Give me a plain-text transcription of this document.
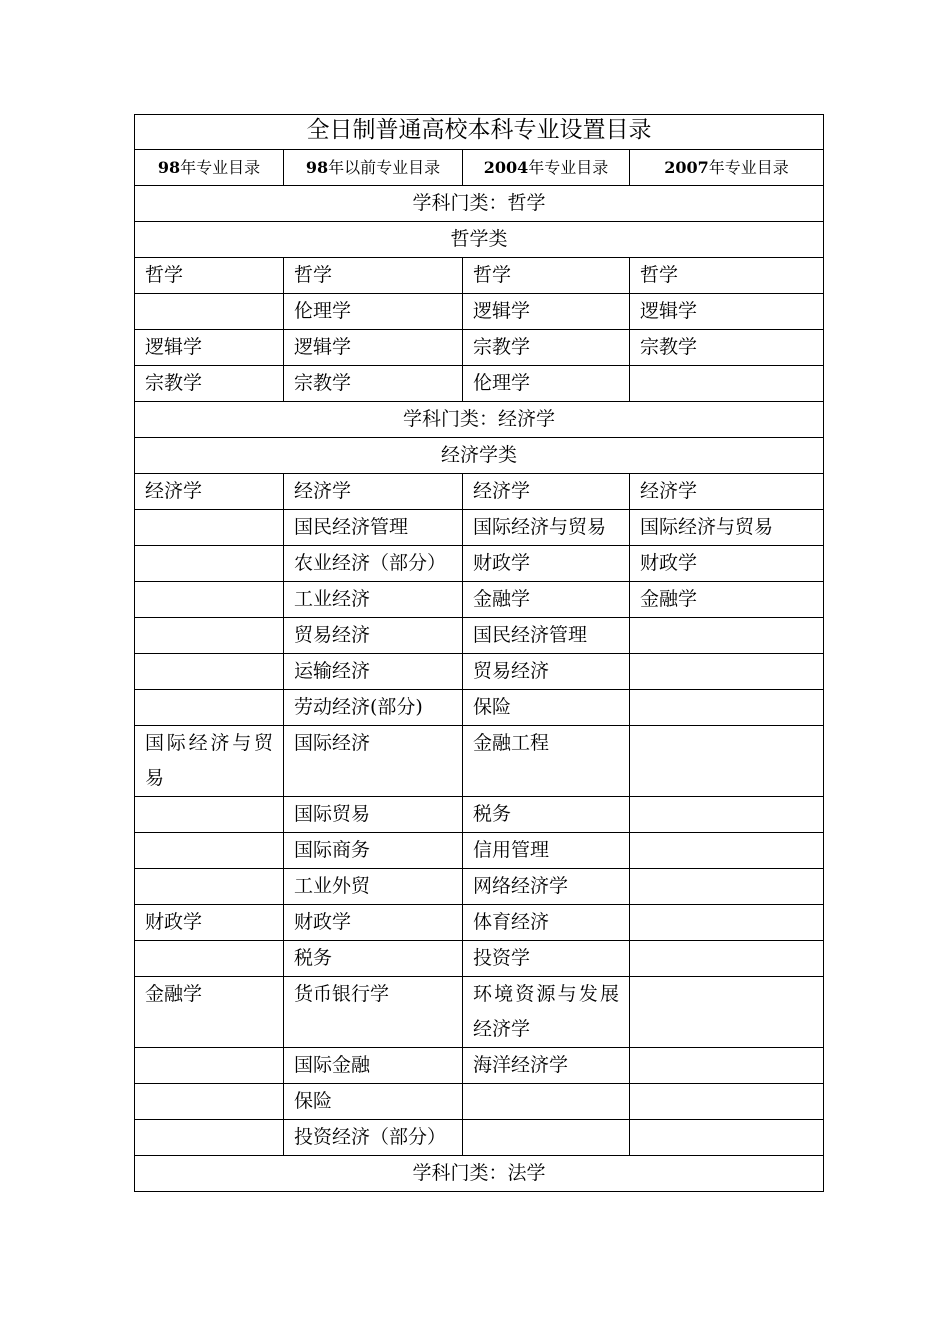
全日制普通高校本科专业设置目录			
98年专业目录	98年以前专业目录	2004年专业目录	2007年专业目录
学科门类：哲学			
哲学类			
哲学	哲学	哲学	哲学
	伦理学	逻辑学	逻辑学
逻辑学	逻辑学	宗教学	宗教学
宗教学	宗教学	伦理学	
学科门类：经济学			
经济学类			
经济学	经济学	经济学	经济学
	国民经济管理	国际经济与贸易	国际经济与贸易
	农业经济（部分）	财政学	财政学
	工业经济	金融学	金融学
	贸易经济	国民经济管理	
	运输经济	贸易经济	
	劳动经济(部分)	保险	
国际经济与贸易	国际经济	金融工程	
	国际贸易	税务	
	国际商务	信用管理	
	工业外贸	网络经济学	
财政学	财政学	体育经济	
	税务	投资学	
金融学	货币银行学	环境资源与发展经济学	
	国际金融	海洋经济学	
	保险		
	投资经济（部分）		
学科门类：法学			
